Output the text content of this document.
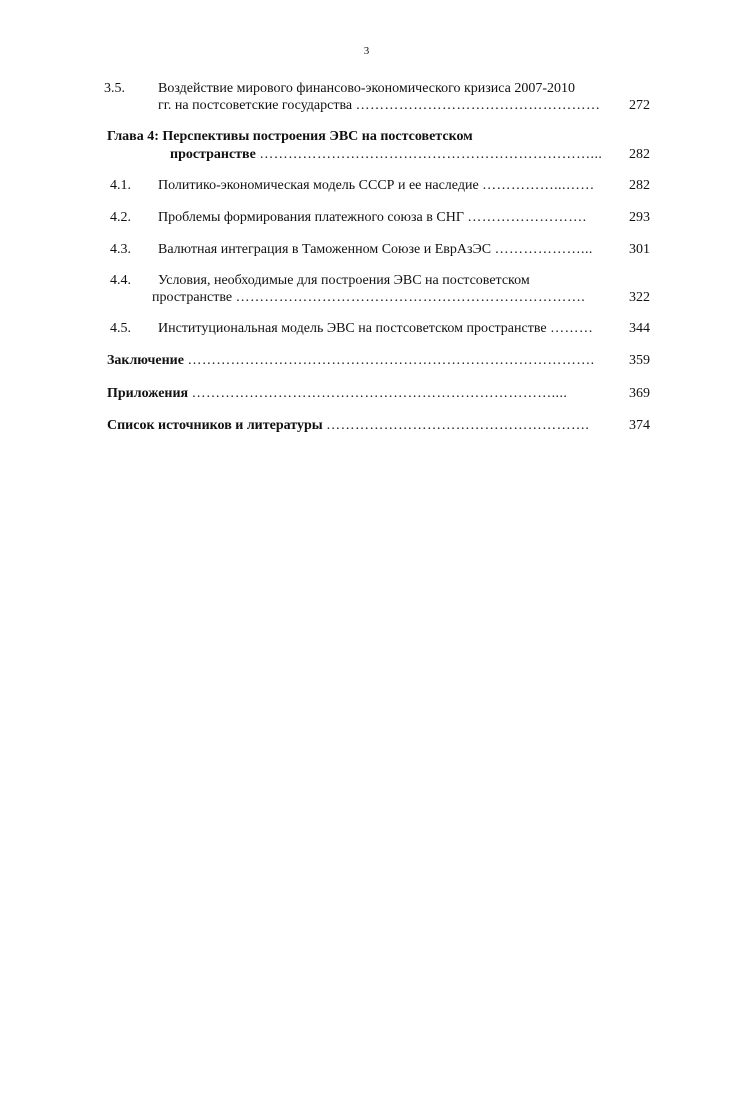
3
3.5. Воздействие мирового финансово-экономического кризиса 2007-2010
гг. на постсоветские государства …………………………………………… 272
Глава 4: Перспективы построения ЭВС на постсоветском
пространстве ……………………………………………………………... 282
4.1. Политико-экономическая модель СССР и ее наследие ……………...…… 282
4.2. Проблемы формирования платежного союза в СНГ …………………….	293
4.3. Валютная интеграция в Таможенном Союзе и ЕврАзЭС ………………...	301
4.4. Условия, необходимые для построения ЭВС на постсоветском
пространстве ……………………………………………………………….	322
4.5. Институциональная модель ЭВС на постсоветском пространстве ………	344
Заключение …………………………………………………………………………. 359
Приложения …………………………………………………………………....	369
Список источников и литературы ……………………………………………….	374
